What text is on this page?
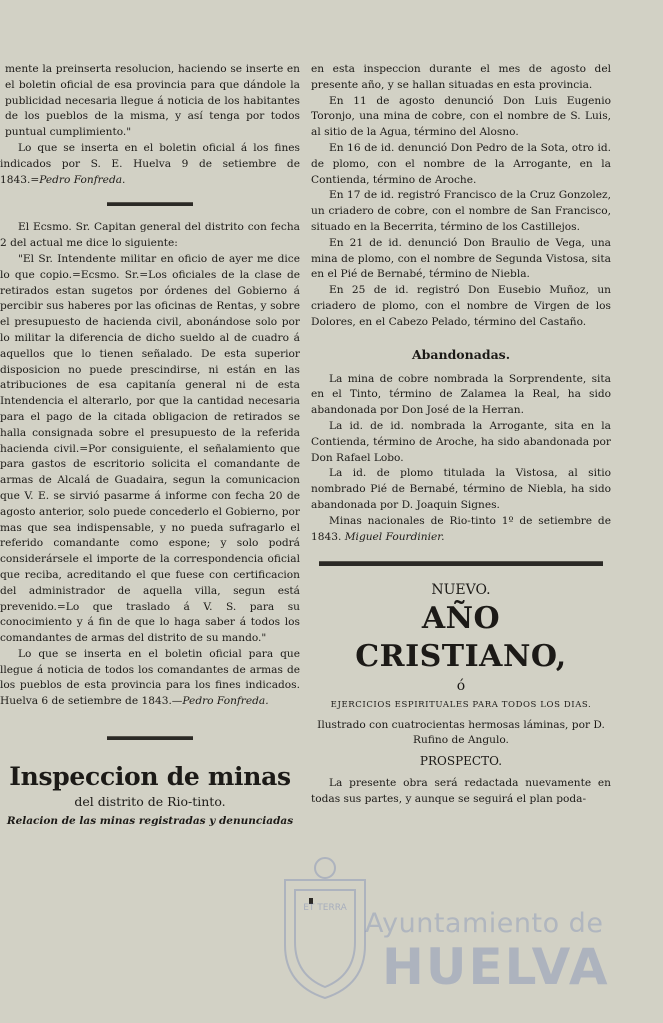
mente la preinserta resolucion, haciendo se inserte en el boletin oficial de esa provincia para que dándole la publicidad necesaria llegue á noticia de los habitantes de los pueblos de la misma, y así tenga por todos puntual cumplimiento."

Lo que se inserta en el boletin oficial á los fines indicados por S. E. Huelva 9 de setiembre de 1843.=Pedro Fonfreda.

El Ecsmo. Sr. Capitan general del distrito con fecha 2 del actual me dice lo siguiente:

"El Sr. Intendente militar en oficio de ayer me dice lo que copio.=Ecsmo. Sr.=Los oficiales de la clase de retirados estan sugetos por órdenes del Gobierno á percibir sus haberes por las oficinas de Rentas, y sobre el presupuesto de hacienda civil, abonándose solo por lo militar la diferencia de dicho sueldo al de cuadro á aquellos que lo tienen señalado. De esta superior disposicion no puede prescindirse, ni están en las atribuciones de esa capitanía general ni de esta Intendencia el alterarlo, por que la cantidad necesaria para el pago de la citada obligacion de retirados se halla consignada sobre el presupuesto de la referida hacienda civil.=Por consiguiente, el señalamiento que para gastos de escritorio solicita el comandante de armas de Alcalá de Guadaira, segun la comunicacion que V. E. se sirvió pasarme á informe con fecha 20 de agosto anterior, solo puede concederlo el Gobierno, por mas que sea indispensable, y no pueda sufragarlo el referido comandante como espone; y solo podrá considerársele el importe de la correspondencia oficial que reciba, acreditando el que fuese con certificacion del administrador de aquella villa, segun está prevenido.=Lo que traslado á V. S. para su conocimiento y á fin de que lo haga saber á todos los comandantes de armas del distrito de su mando."

Lo que se inserta en el boletin oficial para que llegue á noticia de todos los comandantes de armas de los pueblos de esta provincia para los fines indicados. Huelva 6 de setiembre de 1843.—Pedro Fonfreda.

Inspeccion de minas
del distrito de Rio-tinto.
Relacion de las minas registradas y denunciadas

en esta inspeccion durante el mes de agosto del presente año, y se hallan situadas en esta provincia.

En 11 de agosto denunció Don Luis Eugenio Toronjo, una mina de cobre, con el nombre de S. Luis, al sitio de la Agua, término del Alosno.

En 16 de id. denunció Don Pedro de la Sota, otro id. de plomo, con el nombre de la Arrogante, en la Contienda, término de Aroche.

En 17 de id. registró Francisco de la Cruz Gonzolez, un criadero de cobre, con el nombre de San Francisco, situado en la Becerrita, término de los Castillejos.

En 21 de id. denunció Don Braulio de Vega, una mina de plomo, con el nombre de Segunda Vistosa, sita en el Pié de Bernabé, término de Niebla.

En 25 de id. registró Don Eusebio Muñoz, un criadero de plomo, con el nombre de Virgen de los Dolores, en el Cabezo Pelado, término del Castaño.

Abandonadas.

La mina de cobre nombrada la Sorprendente, sita en el Tinto, término de Zalamea la Real, ha sido abandonada por Don José de la Herran.

La id. de id. nombrada la Arrogante, sita en la Contienda, término de Aroche, ha sido abandonada por Don Rafael Lobo.

La id. de plomo titulada la Vistosa, al sitio nombrado Pié de Bernabé, término de Niebla, ha sido abandonada por D. Joaquin Signes.

Minas nacionales de Rio-tinto 1º de setiembre de 1843. Miguel Fourdinier.

NUEVO.
AÑO CRISTIANO,
ó
EJERCICIOS ESPIRITUALES PARA TODOS LOS DIAS.
Ilustrado con cuatrocientas hermosas láminas, por D. Rufino de Angulo.
PROSPECTO.

La presente obra será redactada nuevamente en todas sus partes, y aunque se seguirá el plan poda-

ET TERRA Ayuntamiento de
HUELVA
